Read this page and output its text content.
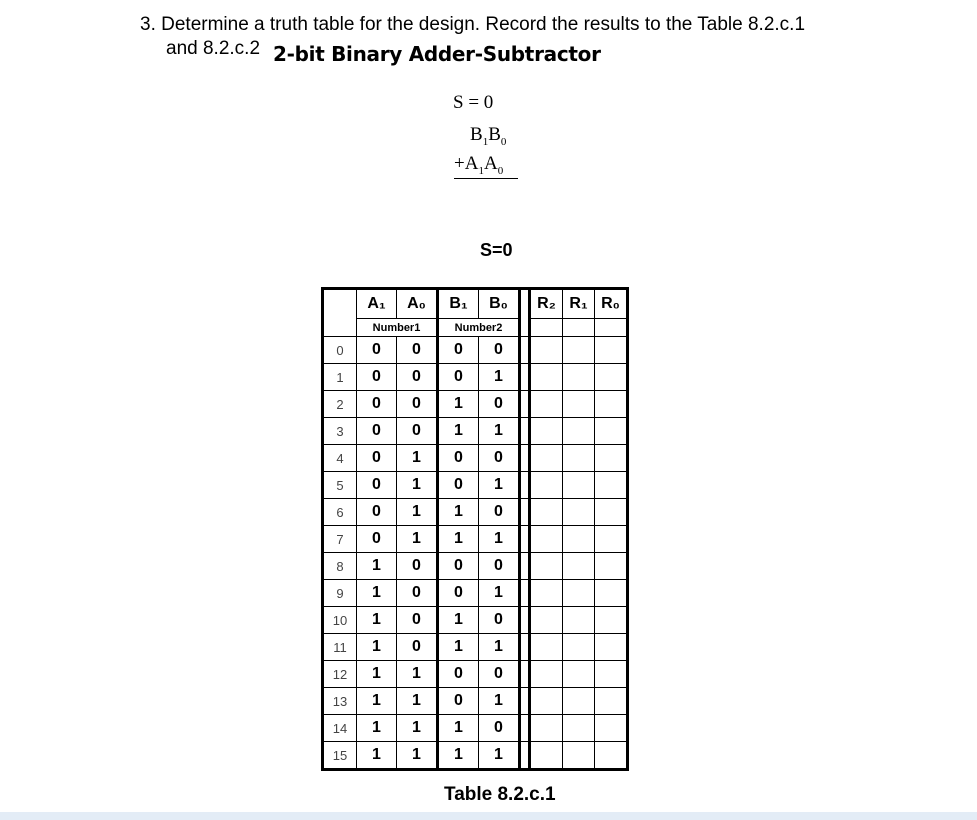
3. Determine a truth table for the design. Record the results to the Table 8.2.c.1
and 8.2.c.2 2-bit Binary Adder-Subtractor
S = 0
$B_1B_0$
$+A_1A_0$
S=0
	A₁	A₀	B₁	B₀		R₂	R₁	R₀
	Number1		Number2					
0	0	0	0	0				
1	0	0	0	1				
2	0	0	1	0				
3	0	0	1	1				
4	0	1	0	0				
5	0	1	0	1				
6	0	1	1	0				
7	0	1	1	1				
8	1	0	0	0				
9	1	0	0	1				
10	1	0	1	0				
11	1	0	1	1				
12	1	1	0	0				
13	1	1	0	1				
14	1	1	1	0				
15	1	1	1	1				
Table 8.2.c.1
